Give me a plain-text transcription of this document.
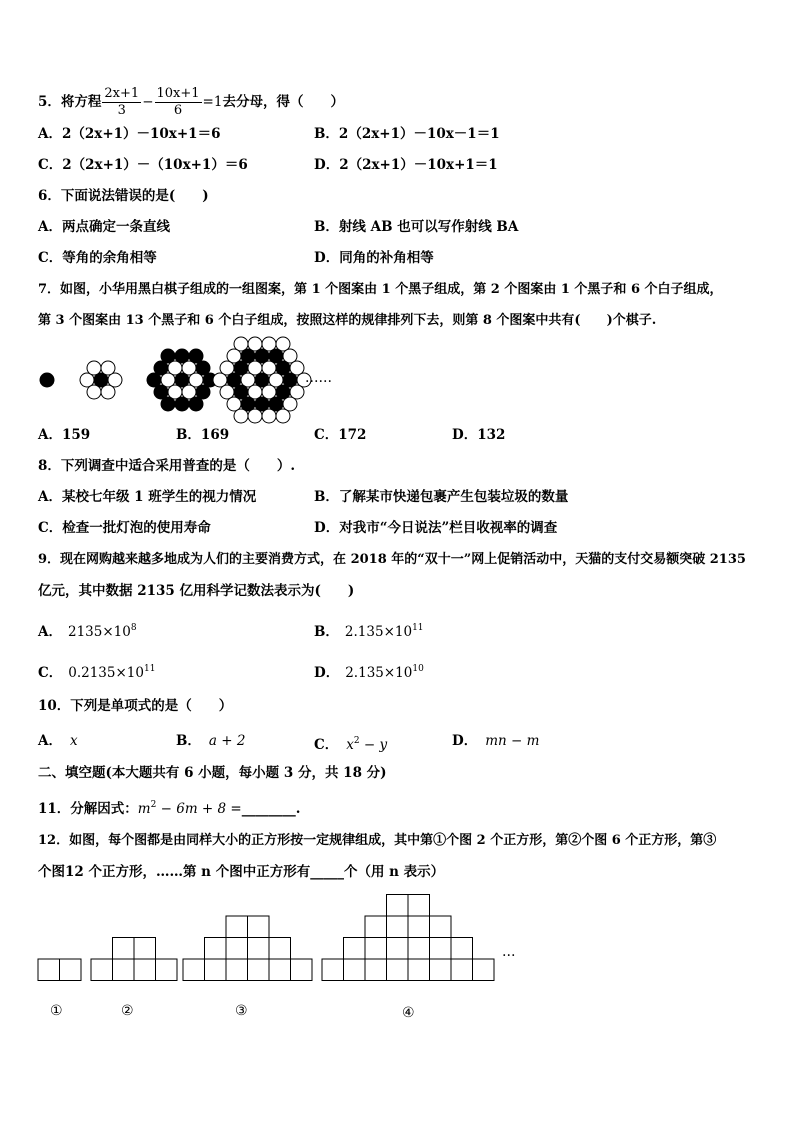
5．将方程 $\frac{2x+1}{3} - \frac{10x+1}{6} =1$去分母，得（　　）
A．2（2x+1）－10x+1＝6	B．2（2x+1）－10x－1＝1
C．2（2x+1）－（10x+1）＝6	D．2（2x+1）－10x+1＝1
6．下面说法错误的是(　　)
A．两点确定一条直线	B．射线 AB 也可以写作射线 BA
C．等角的余角相等	D．同角的补角相等
7．如图，小华用黑白棋子组成的一组图案，第 1 个图案由 1 个黑子组成，第 2 个图案由 1 个黑子和 6 个白子组成，
第 3 个图案由 13 个黑子和 6 个白子组成，按照这样的规律排列下去，则第 8 个图案中共有(　　)个棋子.
……
A．159	B．169	C．172	D．132
8．下列调查中适合采用普查的是（　　）.
A．某校七年级 1 班学生的视力情况	B．了解某市快递包裹产生包装垃圾的数量
C．检查一批灯泡的使用寿命	D．对我市“今日说法”栏目收视率的调查
9．现在网购越来越多地成为人们的主要消费方式，在 2018 年的“双十一”网上促销活动中，天猫的支付交易额突破 2135
亿元，其中数据 2135 亿用科学记数法表示为(　　)
A． $2135\times 10^8$	B． $2.135\times 10^{11}$
C． $0.2135\times 10^{11}$	D． $2.135\times 10^{10}$
10．下列是单项式的是（　　）
A． x	B． a + 2	C． $x^2 - y$	D． mn − m
二、填空题(本大题共有 6 小题，每小题 3 分，共 18 分)
11．分解因式：$m^2 - 6m + 8$ =________.
12．如图，每个图都是由同样大小的正方形按一定规律组成，其中第①个图 2 个正方形，第②个图 6 个正方形，第③
个图12 个正方形，……第 n 个图中正方形有_____个（用 n 表示）
…
①	②	③	④
